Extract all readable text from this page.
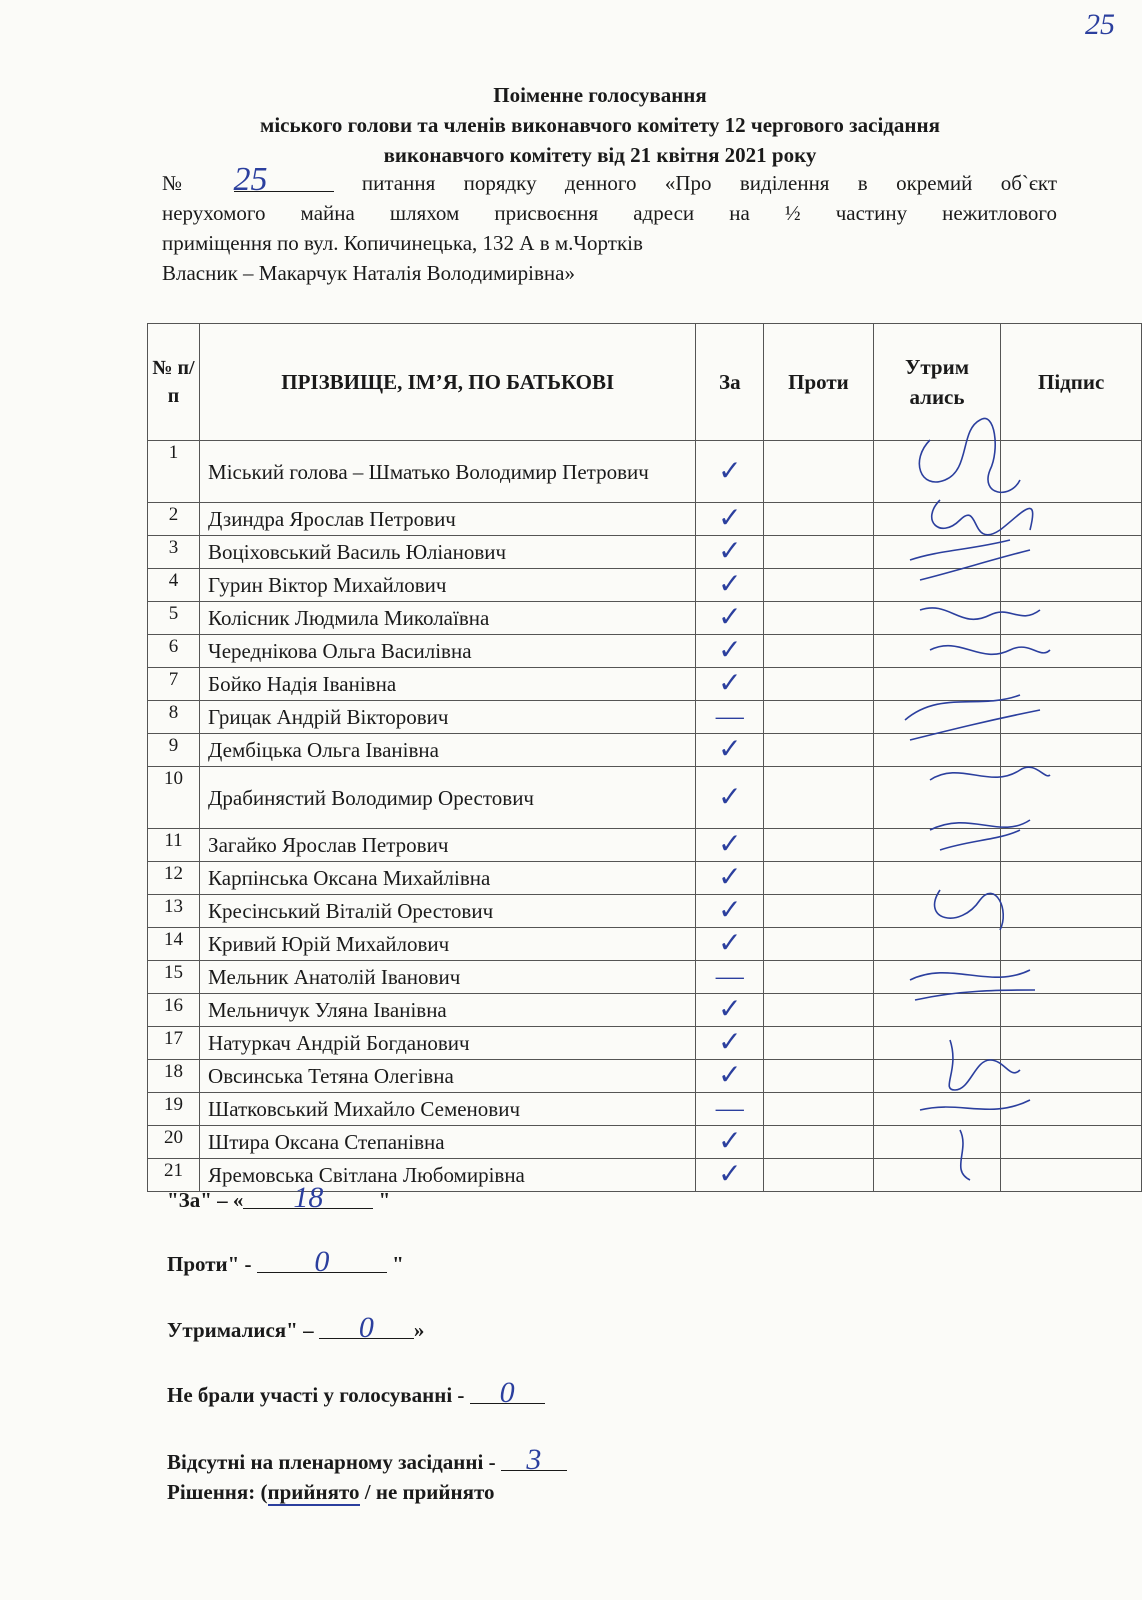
25
Поіменне голосування
міського голови та членів виконавчого комітету 12 чергового засідання
виконавчого комітету від 21 квітня 2021 року
№ 25	питання порядку денного «Про виділення в окремий об`єкт
нерухомого майна шляхом присвоєння адреси на ½ частину нежитлового
приміщення по вул. Копичинецька, 132 А в м.Чортків
Власник – Макарчук Наталія Володимирівна»
№ п/п	ПРІЗВИЩЕ, ІМ’Я, ПО БАТЬКОВІ	За	Проти	Утрим ались	Підпис
1	Міський голова – Шматько Володимир Петрович	✓			
2	Дзиндра Ярослав Петрович	✓			
3	Воціховський Василь Юліанович	✓			
4	Гурин Віктор Михайлович	✓			
5	Колісник Людмила Миколаївна	✓			
6	Чередніковa Ольга Василівна	✓			
7	Бойко Надія Іванівна	✓			
8	Грицак Андрій Вікторович	—			
9	Дембіцька Ольга Іванівна	✓			
10	Драбинястий Володимир Орестович	✓			
11	Загайко Ярослав Петрович	✓			
12	Карпінська Оксана Михайлівна	✓			
13	Кресінський Віталій Орестович	✓			
14	Кривий Юрій Михайлович	✓			
15	Мельник Анатолій Іванович	—			
16	Мельничук Уляна Іванівна	✓			
17	Натуркач Андрій Богданович	✓			
18	Овсинська Тетяна Олегівна	✓			
19	Шатковський Михайло Семенович	—			
20	Штира Оксана Степанівна	✓			
21	Яремовська Світлана Любомирівна	✓			
"За" – « 18	"
Проти" - 0	"
Утрималися" – 0 »
Не брали участі у голосуванні - 0
Відсутні на пленарному засіданні - 3
Рішення: (прийнято / не прийнято
